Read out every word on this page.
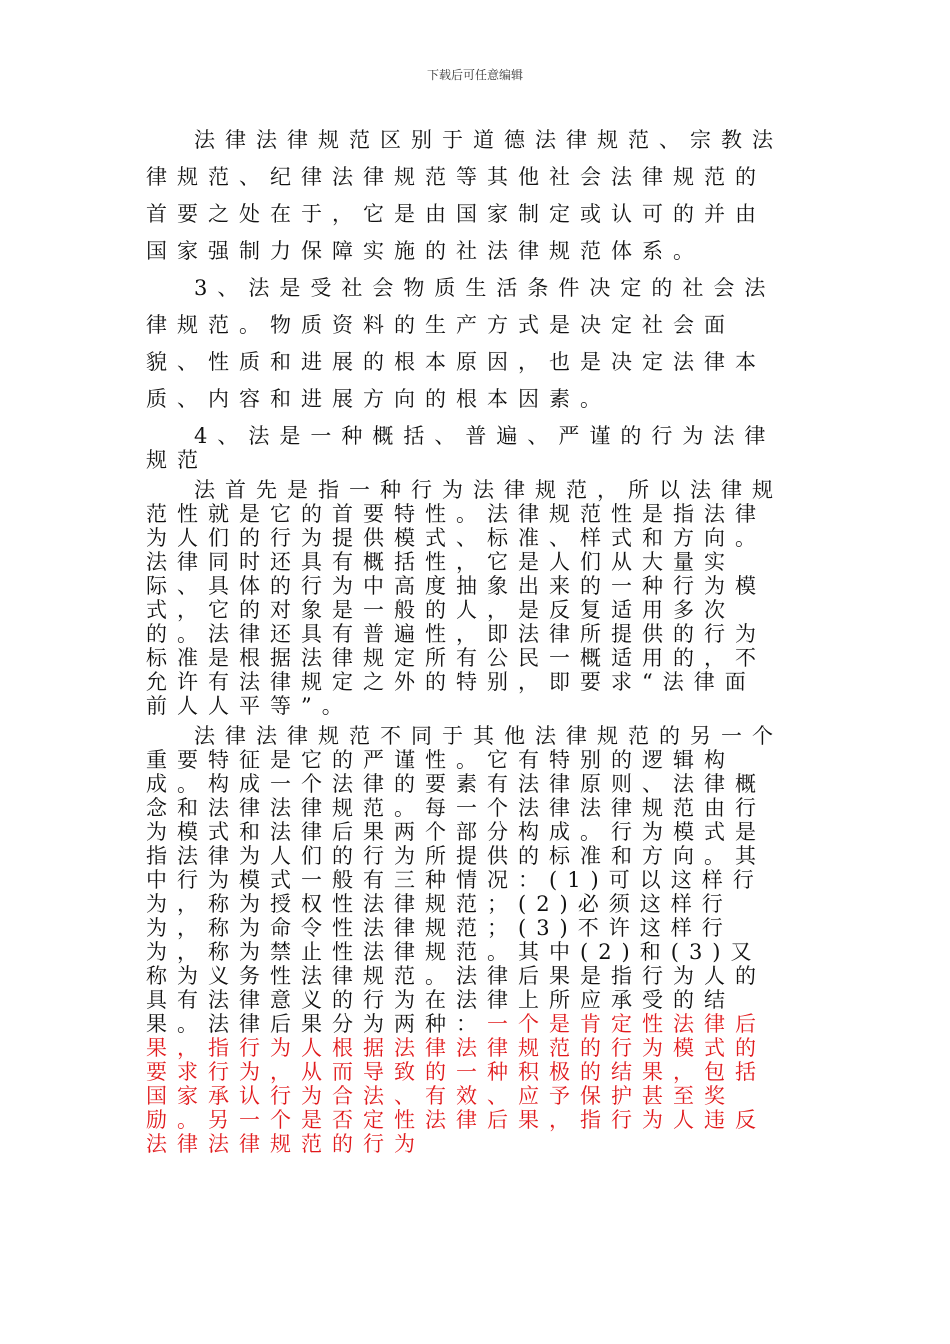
下载后可任意编辑

法律法律规范区别于道德法律规范、宗教法律规范、纪律法律规范等其他社会法律规范的首要之处在于，它是由国家制定或认可的并由国家强制力保障实施的社法律规范体系。

3、法是受社会物质生活条件决定的社会法律规范。物质资料的生产方式是决定社会面貌、性质和进展的根本原因，也是决定法律本质、内容和进展方向的根本因素。

4、法是一种概括、普遍、严谨的行为法律规范

法首先是指一种行为法律规范，所以法律规范性就是它的首要特性。法律规范性是指法律为人们的行为提供模式、标准、样式和方向。法律同时还具有概括性，它是人们从大量实际、具体的行为中高度抽象出来的一种行为模式，它的对象是一般的人，是反复适用多次的。法律还具有普遍性，即法律所提供的行为标准是根据法律规定所有公民一概适用的，不允许有法律规定之外的特别，即要求“法律面前人人平等”。

法律法律规范不同于其他法律规范的另一个重要特征是它的严谨性。它有特别的逻辑构成。构成一个法律的要素有法律原则、法律概念和法律法律规范。每一个法律法律规范由行为模式和法律后果两个部分构成。行为模式是指法律为人们的行为所提供的标准和方向。其中行为模式一般有三种情况：(1)可以这样行为，称为授权性法律规范；(2)必须这样行为，称为命令性法律规范；(3)不许这样行为，称为禁止性法律规范。其中(2)和(3)又称为义务性法律规范。法律后果是指行为人的具有法律意义的行为在法律上所应承受的结果。法律后果分为两种：一个是肯定性法律后果，指行为人根据法律法律规范的行为模式的要求行为，从而导致的一种积极的结果，包括国家承认行为合法、有效、应予保护甚至奖励。另一个是否定性法律后果，指行为人违反法律法律规范的行为
